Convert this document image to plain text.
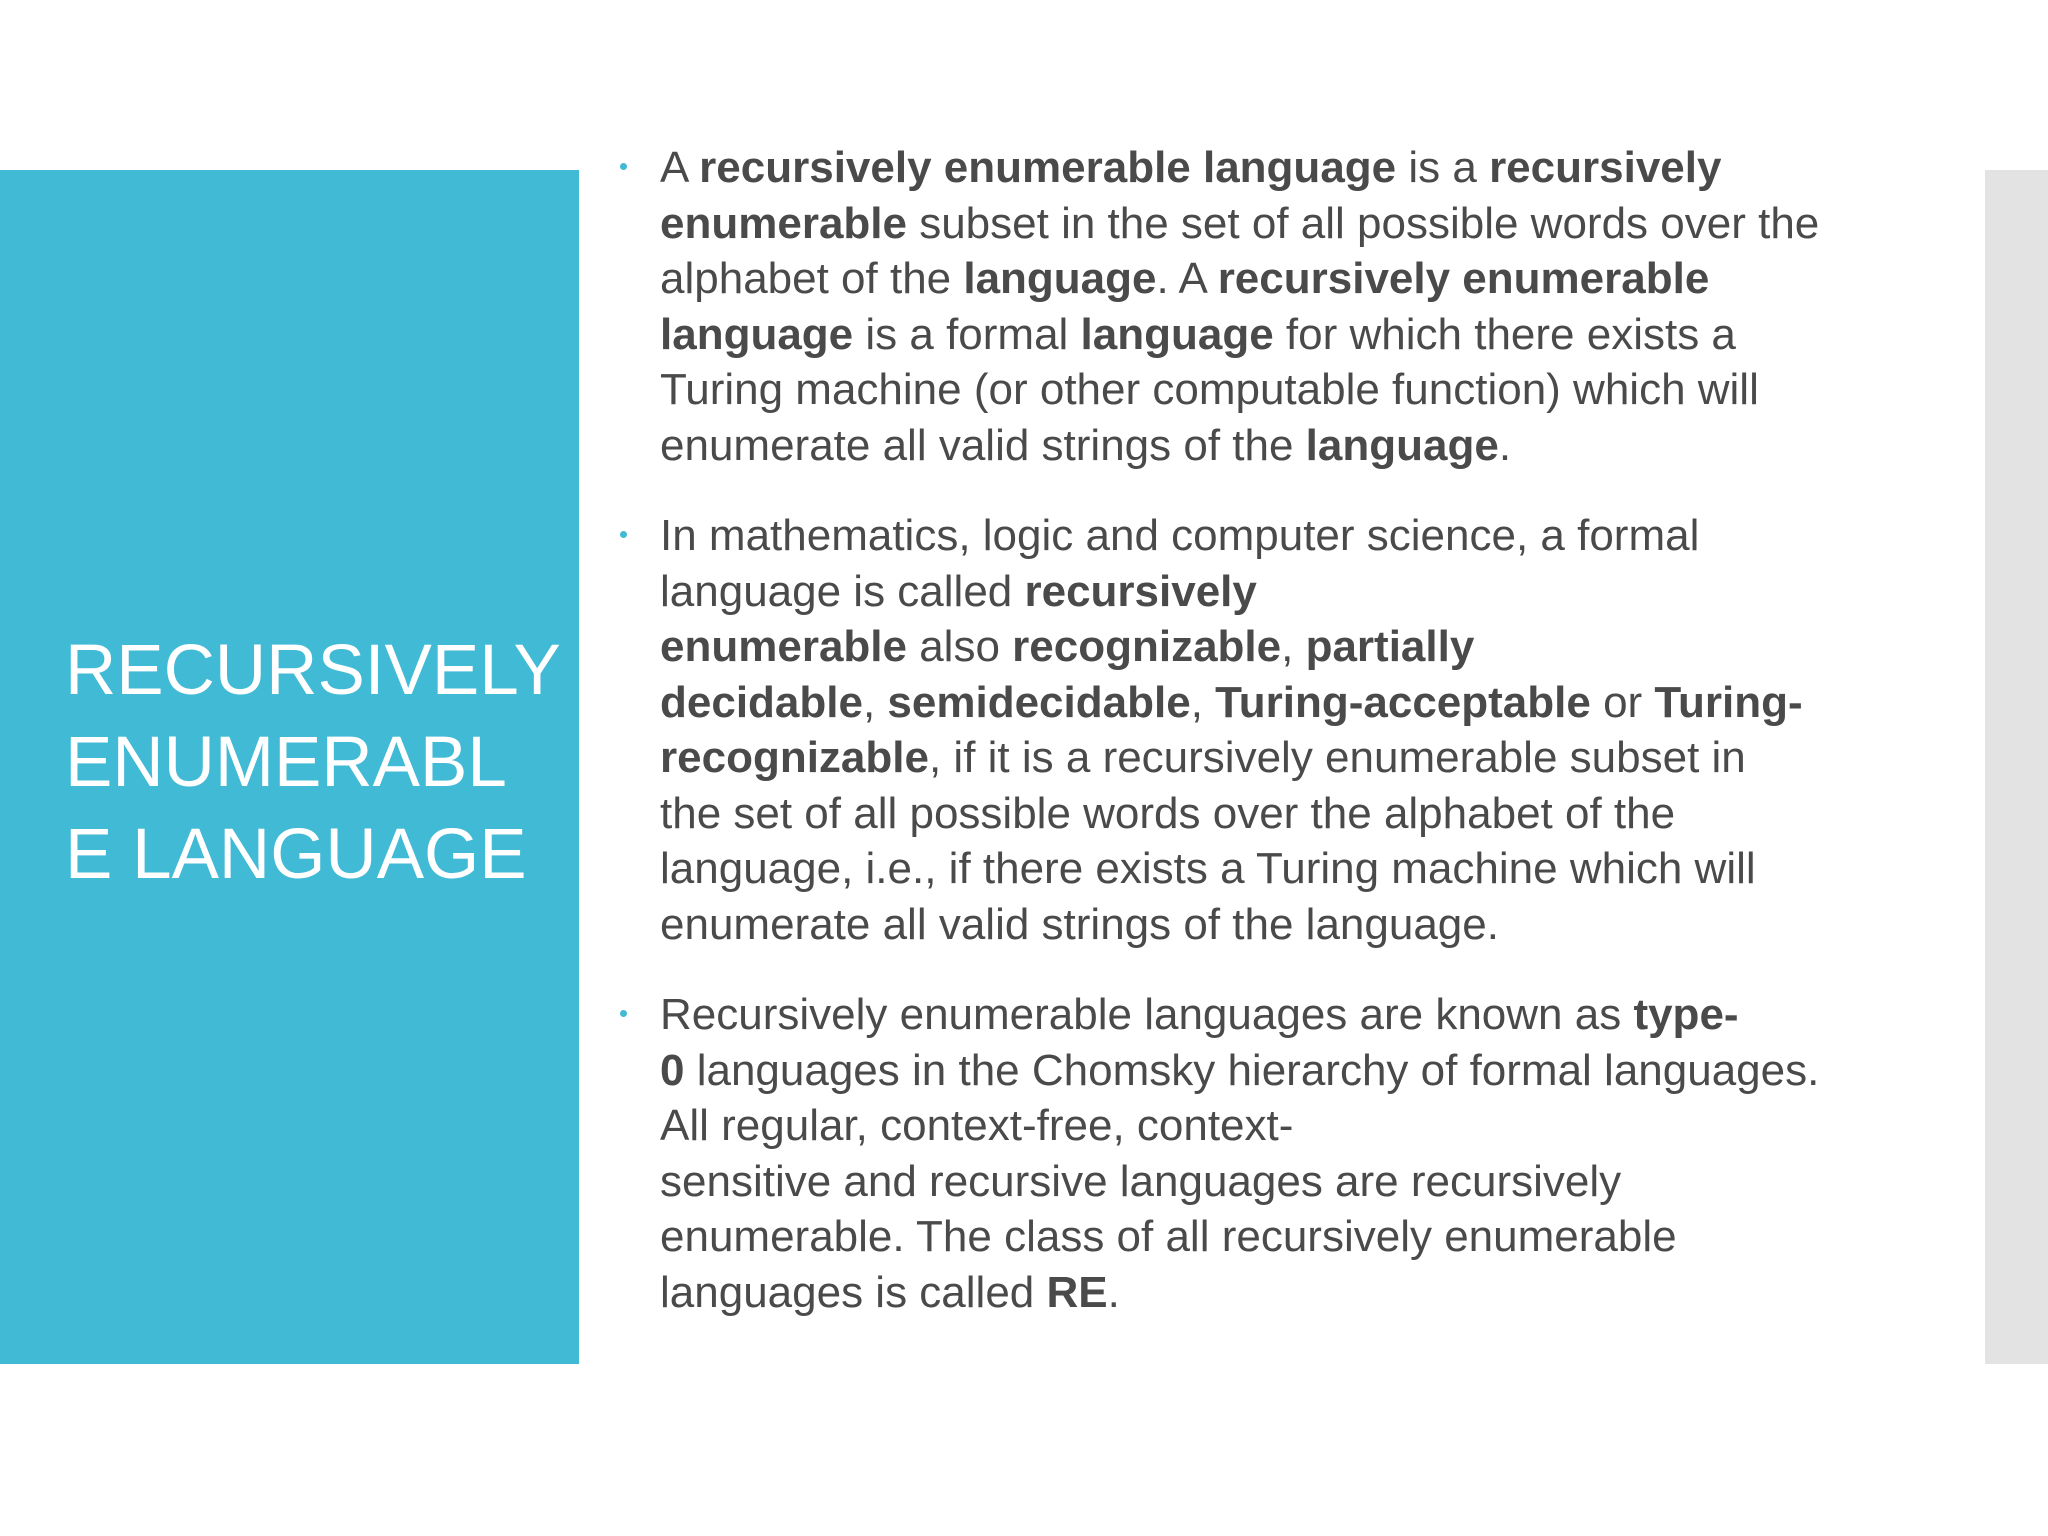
RECURSIVELY
ENUMERABL
E LANGUAGE
A recursively enumerable language is a recursively
enumerable subset in the set of all possible words over the
alphabet of the language. A recursively enumerable
language is a formal language for which there exists a
Turing machine (or other computable function) which will
enumerate all valid strings of the language.
In mathematics, logic and computer science, a formal
language is called recursively
enumerable also recognizable, partially
decidable, semidecidable, Turing-acceptable or Turing-
recognizable, if it is a recursively enumerable subset in
the set of all possible words over the alphabet of the
language, i.e., if there exists a Turing machine which will
enumerate all valid strings of the language.
Recursively enumerable languages are known as type-
0 languages in the Chomsky hierarchy of formal languages.
All regular, context-free, context-
sensitive and recursive languages are recursively
enumerable. The class of all recursively enumerable
languages is called RE.
